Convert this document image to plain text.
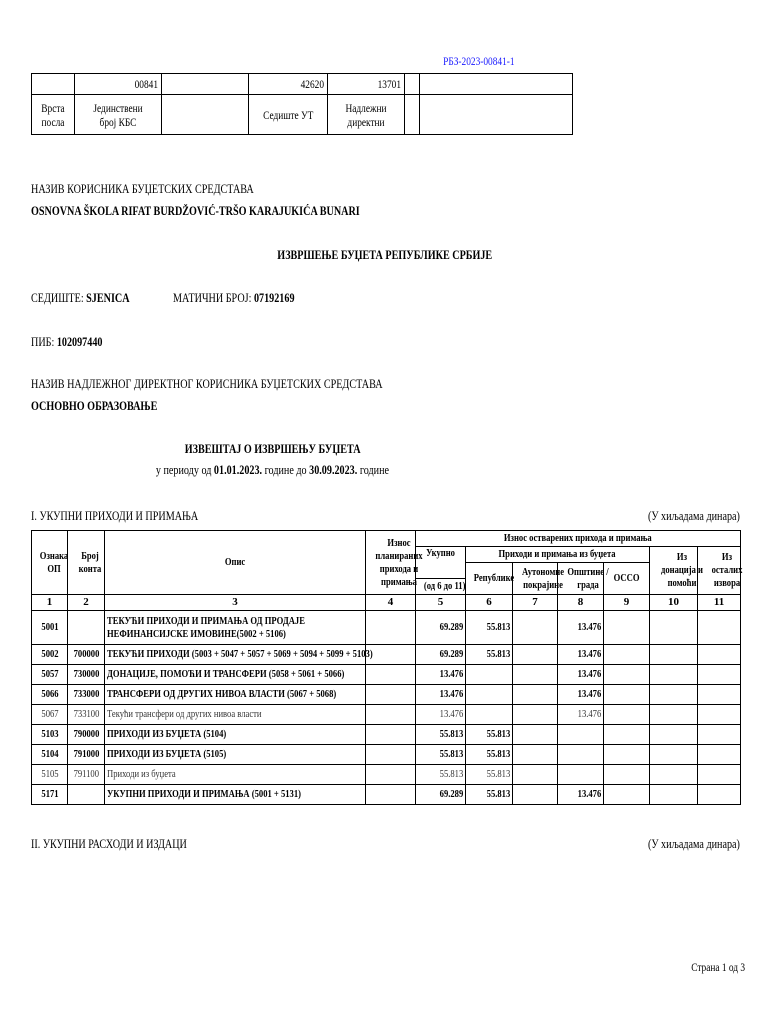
РБЗ-2023-00841-1
	00841		42620	13701		
Врста посла	Јединствени број КБС		Седиште УТ	Надлежни директни		
НАЗИВ КОРИСНИКА БУЏЕТСКИХ СРЕДСТАВА
OSNOVNA ŠKOLA RIFAT BURDŽOVIĆ-TRŠO KARAJUKIĆA BUNARI
ИЗВРШЕЊЕ БУЏЕТА РЕПУБЛИКЕ СРБИЈЕ
СЕДИШТЕ: SJENICA	МАТИЧНИ БРОЈ: 07192169
ПИБ: 102097440
НАЗИВ НАДЛЕЖНОГ ДИРЕКТНОГ КОРИСНИКА БУЏЕТСКИХ СРЕДСТАВА
ОСНОВНО ОБРАЗОВАЊЕ
ИЗВЕШТАЈ О ИЗВРШЕЊУ БУЏЕТА
у периоду од 01.01.2023. године до 30.09.2023. године
I. УКУПНИ ПРИХОДИ И ПРИМАЊА	(У хиљадама динара)
Ознака ОП	Број конта	Опис	Износ планираних прихода и примања	Износ остварених прихода и примања						
				Укупно	Приходи и примања из буџета				Из донација и помоћи	Из осталих извора
					Републике	Аутономне покрајине	Општине / града	ОССО		
				(од 6 до 11)						
1	2	3	4	5	6	7	8	9	10	11
5001		ТЕКУЋИ ПРИХОДИ И ПРИМАЊА ОД ПРОДАЈЕ НЕФИНАНСИЈСКЕ ИМОВИНЕ(5002 + 5106)		69.289	55.813		13.476			
5002	700000	ТЕКУЋИ ПРИХОДИ (5003 + 5047 + 5057 + 5069 + 5094 + 5099 + 5103)		69.289	55.813		13.476			
5057	730000	ДОНАЦИЈЕ, ПОМОЋИ И ТРАНСФЕРИ (5058 + 5061 + 5066)		13.476			13.476			
5066	733000	ТРАНСФЕРИ ОД ДРУГИХ НИВОА ВЛАСТИ (5067 + 5068)		13.476			13.476			
5067	733100	Текући трансфери од других нивоа власти		13.476			13.476			
5103	790000	ПРИХОДИ ИЗ БУЏЕТА (5104)		55.813	55.813					
5104	791000	ПРИХОДИ ИЗ БУЏЕТА (5105)		55.813	55.813					
5105	791100	Приходи из буџета		55.813	55.813					
5171		УКУПНИ ПРИХОДИ И ПРИМАЊА (5001 + 5131)		69.289	55.813		13.476			
II. УКУПНИ РАСХОДИ И ИЗДАЦИ	(У хиљадама динара)
Страна 1 од 3
